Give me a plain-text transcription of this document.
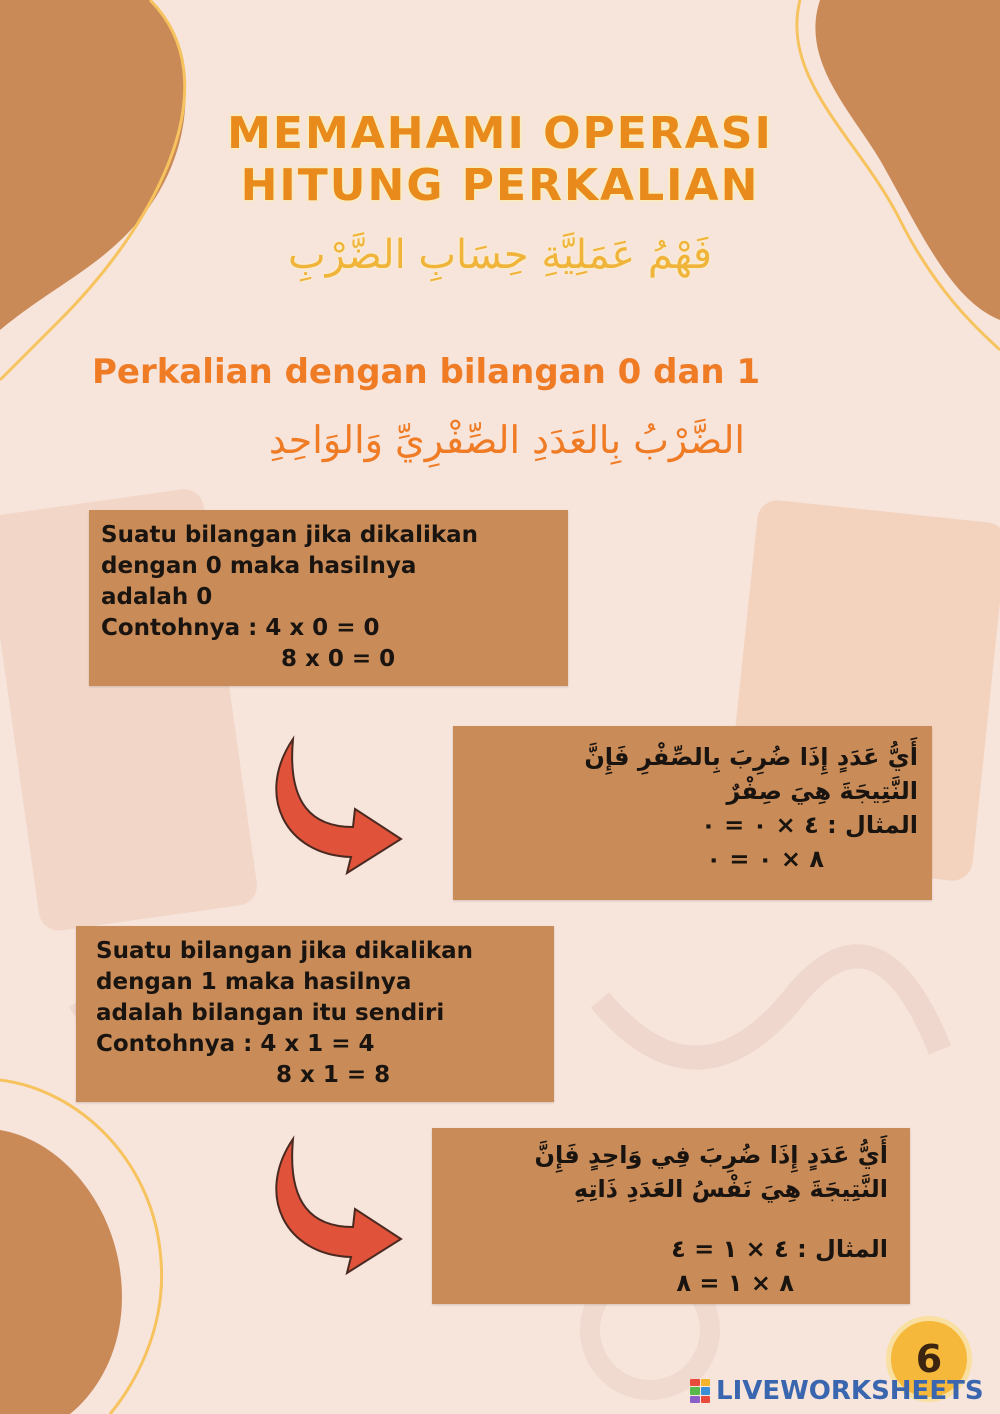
MEMAHAMI OPERASI
HITUNG PERKALIAN
فَهْمُ عَمَلِيَّةِ حِسَابِ الضَّرْبِ
Perkalian dengan bilangan 0 dan 1
الضَّرْبُ بِالعَدَدِ الصِّفْرِيِّ وَالوَاحِدِ
Suatu bilangan jika dikalikan
dengan 0 maka hasilnya
adalah 0
Contohnya : 4 x 0 = 0
8 x 0 = 0
أَيُّ عَدَدٍ إِذَا ضُرِبَ بِالصِّفْرِ فَإِنَّ
النَّتِيجَةَ هِيَ صِفْرٌ
المثال : ٤ × ٠ = ٠
٨ × ٠ = ٠
Suatu bilangan jika dikalikan
dengan 1 maka hasilnya
adalah bilangan itu sendiri
Contohnya : 4 x 1 = 4
8 x 1 = 8
أَيُّ عَدَدٍ إِذَا ضُرِبَ فِي وَاحِدٍ فَإِنَّ
النَّتِيجَةَ هِيَ نَفْسُ العَدَدِ ذَاتِهِ
المثال : ٤ × ١ = ٤
٨ × ١ = ٨
6
LIVEWORKSHEETS
